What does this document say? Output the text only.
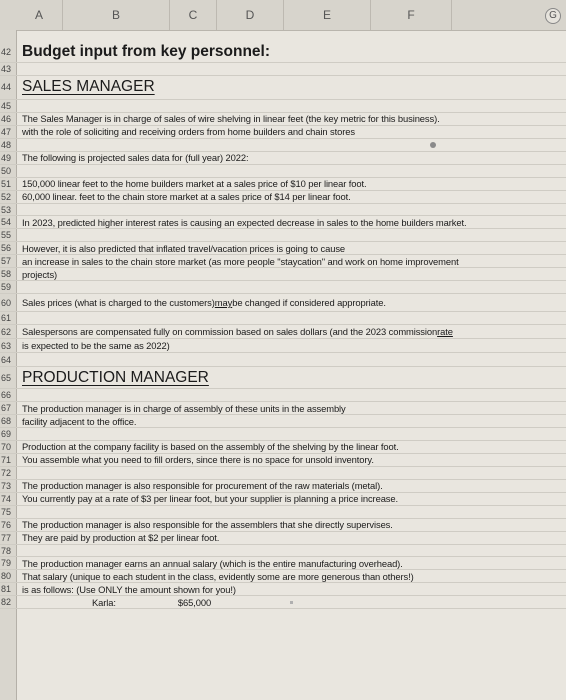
A	B	C	D	E	F	G
42 Budget input from key personnel:
43
44 SALES MANAGER
45
46	The Sales Manager is in charge of sales of wire shelving in linear feet (the key metric for this business).
47	with the role of soliciting and receiving orders from home builders and chain stores
48
49	The following is projected sales data for (full year) 2022:
50
51	150,000 linear feet to the home builders market at a sales price of $10 per linear foot.
52	60,000 linear. feet to the chain store market at a sales price of $14 per linear foot.
53
54	In 2023, predicted higher interest rates is causing an expected decrease in sales to the home builders market.
55
56	However, it is also predicted that inflated travel/vacation prices is going to cause
57	an increase in sales to the chain store market (as more people "staycation" and work on home improvement
58	projects)
59
60	Sales prices (what is charged to the customers) may be changed if considered appropriate.
61
62	Salespersons are compensated fully on commission based on sales dollars (and the 2023 commission rate
63	is expected to be the same as 2022)
64
65 PRODUCTION MANAGER
66
67	The production manager is in charge of assembly of these units in the assembly
68	facility adjacent to the office.
69
70	Production at the company facility is based on the assembly of the shelving by the linear foot.
71	You assemble what you need to fill orders, since there is no space for unsold inventory.
72
73	The production manager is also responsible for procurement of the raw materials (metal).
74	You currently pay at a rate of $3 per linear foot, but your supplier is planning a price increase.
75
76	The production manager is also responsible for the assemblers that she directly supervises.
77	They are paid by production at $2 per linear foot.
78
79	The production manager earns an annual salary (which is the entire manufacturing overhead).
80	That salary (unique to each student in the class, evidently some are more generous than others!)
81	is as follows: (Use ONLY the amount shown for you!)
82	Karla:	$65,000
